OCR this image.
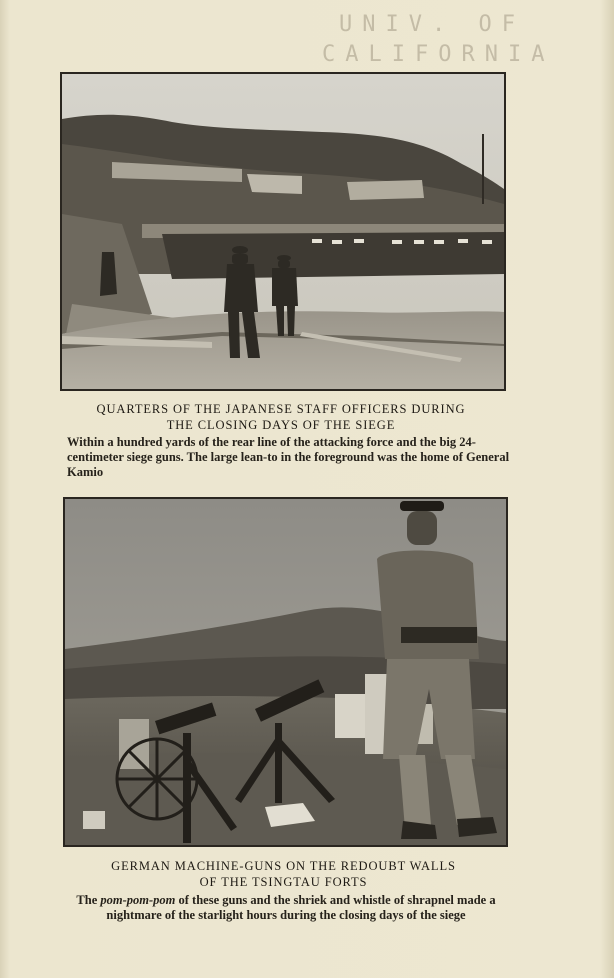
UNIV. OF
CALIFORNIA
QUARTERS OF THE JAPANESE STAFF OFFICERS DURING
THE CLOSING DAYS OF THE SIEGE
Within a hundred yards of the rear line of the attacking force and the big 24-centimeter siege guns. The large lean-to in the foreground was the home of General Kamio
GERMAN MACHINE-GUNS ON THE REDOUBT WALLS
OF THE TSINGTAU FORTS
The pom-pom-pom of these guns and the shriek and whistle of shrapnel made a nightmare of the starlight hours during the closing days of the siege
